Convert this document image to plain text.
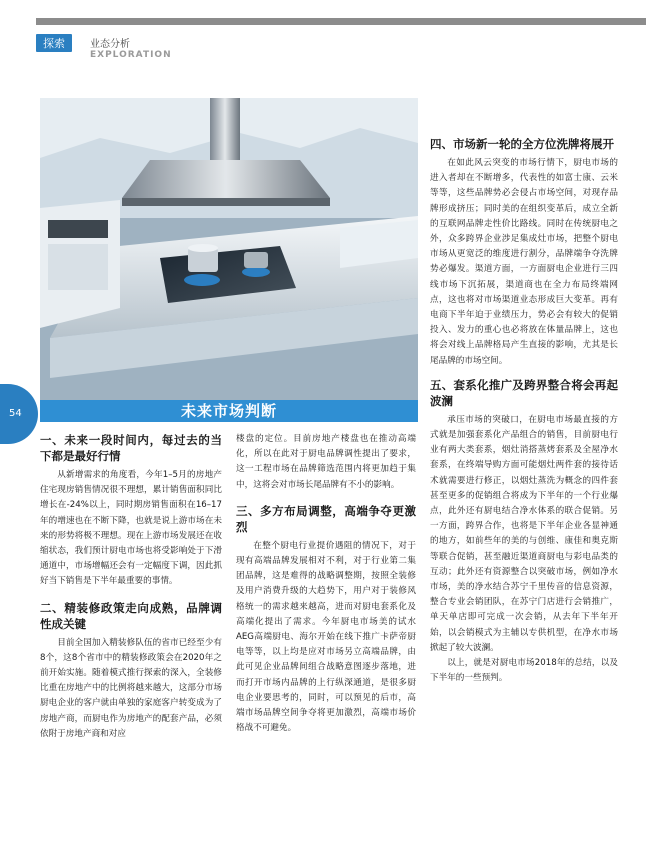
探索	业态分析
EXPLORATION
54	未来市场判断
四、市场新一轮的全方位洗牌将展开

在如此风云突变的市场行情下，厨电市场的进入者却在不断增多，代表性的如富士康、云米等等，这些品牌势必会侵占市场空间，对现存品牌形成挤压；同时美的在组织变革后，成立全新的互联网品牌走性价比路线。同时在传统厨电之外，众多跨界企业涉足集成灶市场，把整个厨电市场从更宽泛的维度进行割分，品牌端争夺洗牌势必爆发。渠道方面，一方面厨电企业进行三四线市场下沉拓展，渠道商也在全力布局终端网点，这也将对市场渠道业态形成巨大变革。再有电商下半年迫于业绩压力，势必会有较大的促销投入、发力的重心也必将放在体量品牌上，这也将会对线上品牌格局产生直接的影响，尤其是长尾品牌的市场空间。

五、套系化推广及跨界整合将会再起波澜

承压市场的突破口，在厨电市场最直接的方式就是加强套系化产品组合的销售，目前厨电行业有两大类套系，烟灶消搭蒸烤套系及全屋净水套系，在终端导购方面可能烟灶两件套的接待话术就需要进行修正，以烟灶蒸洗为概念的四件套甚至更多的促销组合将成为下半年的一个行业爆点，此外还有厨电结合净水体系的联合促销。另一方面，跨界合作，也将是下半年企业各显神通的地方，如前些年的美的与创维、康佳和奥克斯等联合促销，甚至融近渠道商厨电与彩电品类的互动；此外还有资源整合以突破市场，例如净水市场，美的净水结合苏宁千里传音的信息资源，整合专业会销团队，在苏宁门店进行会销推广，单天单店即可完成一次会销，从去年下半年开始，以会销模式为主辅以专供机型，在净水市场掀起了较大波澜。

以上，就是对厨电市场2018年的总结，以及下半年的一些预判。

一、未来一段时间内，每过去的当下都是最好行情

从新增需求的角度看，今年1–5月的房地产住宅现房销售情况很不理想，累计销售面积同比增长在-24%以上，同时期房销售面积在16–17年的增速也在不断下降，也就是说上游市场在未来的形势将极不理想。现在上游市场发展还在收缩状态，我们预计厨电市场也将受影响处于下滑通道中，市场增幅还会有一定幅度下调，因此抓好当下销售是下半年最重要的事情。

二、精装修政策走向成熟，品牌调性成关键

目前全国加入精装修队伍的省市已经至少有8个，这8个省市中的精装修政策会在2020年之前开始实施。随着模式推行探索的深入，全装修比重在房地产中的比例将越来越大，这部分市场厨电企业的客户就由单独的家庭客户转变成为了房地产商，而厨电作为房地产的配套产品，必须依附于房地产商和对应

楼盘的定位。目前房地产楼盘也在推动高端化，所以在此对于厨电品牌调性提出了要求，这一工程市场在品牌筛选范围内将更加趋于集中，这将会对市场长尾品牌有不小的影响。

三、多方布局调整，高端争夺更激烈

在整个厨电行业提价遇阻的情况下，对于现有高端品牌发展相对不利，对于行业第二集团品牌，这是难得的战略调整期，按照全装修及用户消费升级的大趋势下，用户对于装修风格统一的需求越来越高，进而对厨电套系化及高端化提出了需求。今年厨电市场美的试水AEG高端厨电、海尔开始在线下推广卡萨帝厨电等等，以上均是应对市场另立高端品牌，由此可见企业品牌间组合战略意图逐步落地，进而打开市场内品牌的上行纵深通道，是很多厨电企业要思考的，同时，可以预见的后市，高端市场品牌空间争夺将更加激烈，高端市场价格战不可避免。
